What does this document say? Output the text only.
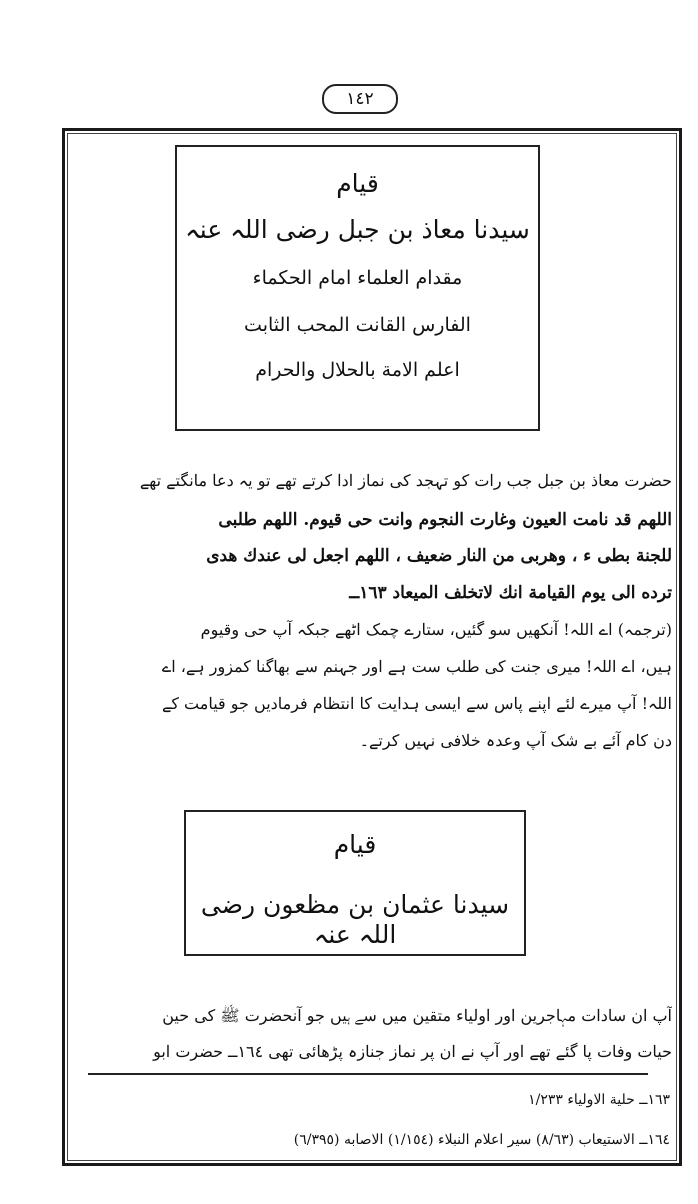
١٤٢
قیام
سیدنا معاذ بن جبل رضی اللہ عنہ
مقدام العلماء امام الحکماء
الفارس القانت المحب الثابت
اعلم الامة بالحلال والحرام
حضرت معاذ بن جبل جب رات کو تہجد کی نماز ادا کرتے تھے تو یہ دعا مانگتے تھے
اللھم قد نامت العیون وغارت النجوم وانت حی قیوم. اللھم طلبی
للجنة بطی ء ، وھربی من النار ضعیف ، اللھم اجعل لی عندك ھدی
ترده الی یوم القیامة انك لاتخلف المیعاد ١٦٣ــ
(ترجمہ) اے اللہ! آنکھیں سو گئیں، ستارے چمک اٹھے جبکہ آپ حی وقیوم
ہیں، اے اللہ! میری جنت کی طلب ست ہے اور جہنم سے بھاگنا کمزور ہے، اے
اللہ! آپ میرے لئے اپنے پاس سے ایسی ہدایت کا انتظام فرمادیں جو قیامت کے
دن کام آئے بے شک آپ وعدہ خلافی نہیں کرتے۔
قیام
سیدنا عثمان بن مظعون رضی اللہ عنہ
آپ ان سادات مہاجرین اور اولیاء متقین میں سے ہیں جو آنحضرت ﷺ کی حین
حیات وفات پا گئے تھے اور آپ نے ان پر نماز جنازہ پڑھائی تھی ١٦٤ــ حضرت ابو
١٦٣ــ حلیة الاولیاء ١/٢٣٣
١٦٤ــ الاستیعاب (٨/٦٣) سیر اعلام النبلاء (١/١٥٤) الاصابه (٦/٣٩٥)
